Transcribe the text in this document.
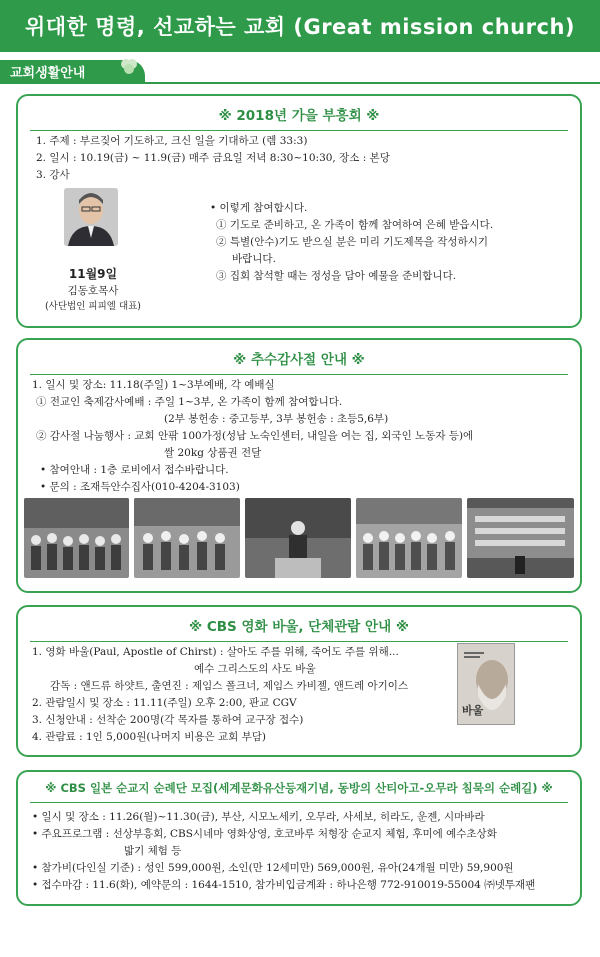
위대한 명령, 선교하는 교회 (Great mission church)
교회생활안내
※ 2018년 가을 부흥회 ※
1. 주제 : 부르짖어 기도하고, 크신 일을 기대하고 (렘 33:3)
2. 일시 : 10.19(금) ~ 11.9(금) 매주 금요일 저녁 8:30~10:30, 장소 : 본당
3. 강사
11월9일
김동호목사
(사단법인 피피엘 대표)
• 이렇게 참여합시다.
① 기도로 준비하고, 온 가족이 함께 참여하여 은혜 받읍시다.
② 특별(안수)기도 받으실 분은 미리 기도제목을 작성하시기
바랍니다.
③ 집회 참석할 때는 정성을 담아 예물을 준비합니다.
※ 추수감사절 안내 ※
1. 일시 및 장소: 11.18(주일) 1~3부예배, 각 예배실
① 전교인 축제감사예배 : 주일 1~3부, 온 가족이 함께 참여합니다.
(2부 봉헌송 : 중고등부, 3부 봉헌송 : 초등5,6부)
② 감사절 나눔행사 : 교회 안팎 100가정(성남 노숙인센터, 내일을 여는 집, 외국인 노동자 등)에
쌀 20kg 상품권 전달
• 참여안내 : 1층 로비에서 접수바랍니다.
• 문의 : 조재득안수집사(010-4204-3103)
※ CBS 영화 바울, 단체관람 안내 ※
1. 영화 바울(Paul, Apostle of Chirst) : 살아도 주를 위해, 죽어도 주를 위해...
예수 그리스도의 사도 바울
감독 : 앤드류 하얏트, 출연진 : 제임스 폴크너, 제임스 카비젤, 앤드레 아기이스
2. 관람일시 및 장소 : 11.11(주일) 오후 2:00, 판교 CGV
3. 신청안내 : 선착순 200명(각 목자를 통하여 교구장 접수)
4. 관람료 : 1인 5,000원(나머지 비용은 교회 부담)
바울
※ CBS 일본 순교지 순례단 모집(세계문화유산등재기념, 동방의 산티아고-오무라 침묵의 순례길) ※
• 일시 및 장소 : 11.26(월)~11.30(금), 부산, 시모노세키, 오무라, 사세보, 히라도, 운젠, 시마바라
• 주요프로그램 : 선상부흥회, CBS시네마 영화상영, 호코바루 처형장 순교지 체험, 후미에 예수초상화
밟기 체험 등
• 참가비(다인실 기준) : 성인 599,000원, 소인(만 12세미만) 569,000원, 유아(24개월 미만) 59,900원
• 접수마감 : 11.6(화), 예약문의 : 1644-1510, 참가비입금계좌 : 하나은행 772-910019-55004 ㈜넷투재팬
